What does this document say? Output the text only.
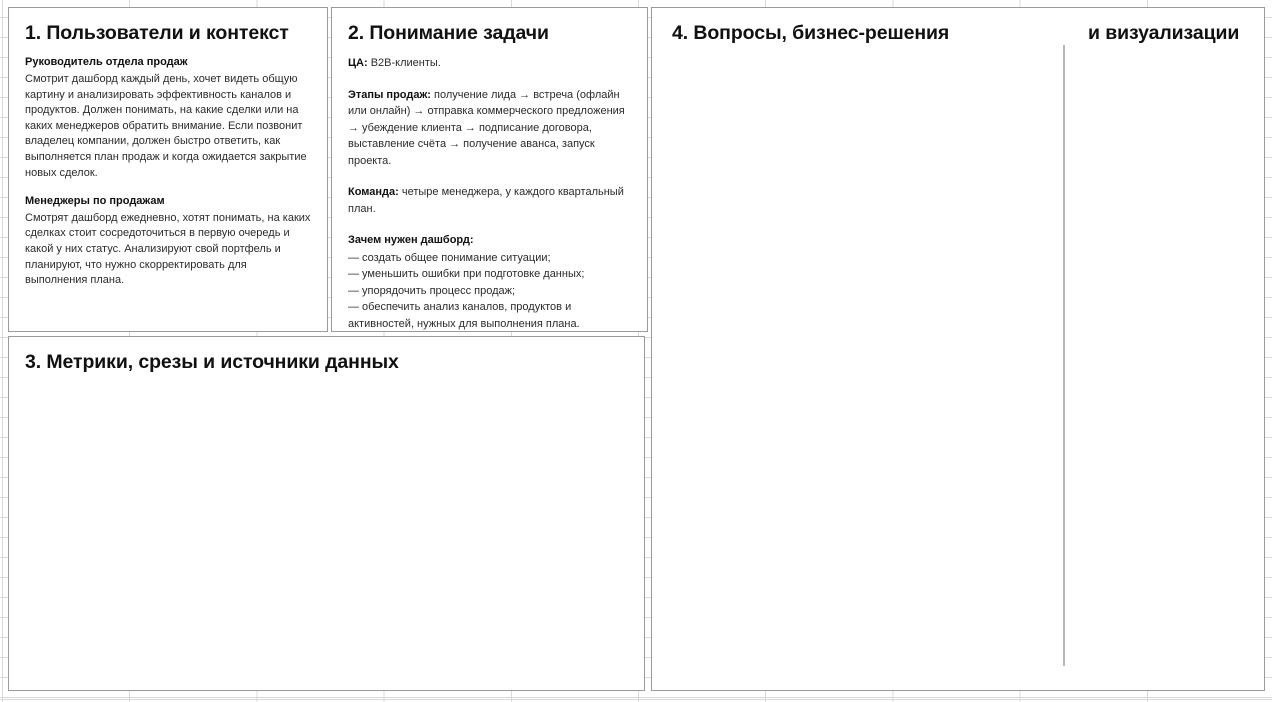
1. Пользователи и контекст

Руководитель отдела продаж

Смотрит дашборд каждый день, хочет видеть общую картину и анализировать эффективность каналов и продуктов. Должен понимать, на какие сделки или на каких менеджеров обратить внимание. Если позвонит владелец компании, должен быстро ответить, как выполняется план продаж и когда ожидается закрытие новых сделок.

Менеджеры по продажам

Смотрят дашборд ежедневно, хотят понимать, на каких сделках стоит сосредоточиться в первую очередь и какой у них статус. Анализируют свой портфель и планируют, что нужно скорректировать для выполнения плана.

2. Понимание задачи

ЦА: B2B-клиенты.

Этапы продаж: получение лида → встреча (офлайн или онлайн) → отправка коммерческого предложения → убеждение клиента → подписание договора, выставление счёта → получение аванса, запуск проекта.

Команда: четыре менеджера, у каждого квартальный план.

Зачем нужен дашборд:

— создать общее понимание ситуации;
— уменьшить ошибки при подготовке данных;
— упорядочить процесс продаж;
— обеспечить анализ каналов, продуктов и активностей, нужных для выполнения плана.
3. Метрики, срезы и источники данных
4. Вопросы, бизнес-решения	и визуализации
